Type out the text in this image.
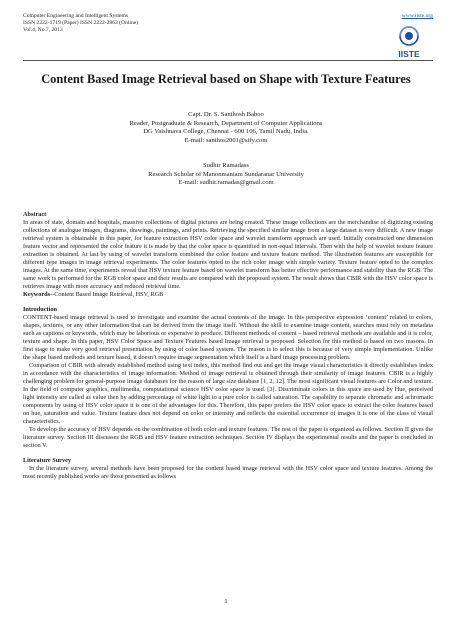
Computer Engineering and Intelligent Systems
ISSN 2222-1719 (Paper) ISSN 2222-2863 (Online)
Vol.4, No.7, 2013
www.iiste.org
IISTE
Content Based Image Retrieval based on Shape with Texture Features
Capt. Dr. S. Santhosh Baboo
Reader, Postgraduate & Research, Department of Computer Applications
DG Vaishnava College, Chennai - 600 106, Tamil Nadu, India.
E-mail: santhos2001@sify.com
Sudhir Ramadass
Research Scholar of Manonmaniam Sundaranar University
E-mail: sudhir.ramadas@gmail.com

Abstract

In areas of state, domain and hospitals, massive collections of digital pictures are being created. These image collections are the merchandise of digitizing existing collections of analogue images, diagrams, drawings, paintings, and prints. Retrieving the specified similar image from a large dataset is very difficult. A new image retrieval system is obtainable in this paper, for feature extraction HSV color space and wavelet transform approach are used. Initially constructed one dimension feature vector and represented the color feature it is made by that the color space is quantified in non-equal intervals. Then with the help of wavelet texture feature extraction is obtained. At last by using of wavelet transform combined the color feature and texture feature method. The illustration features are susceptible for different type images in image retrieval experiments. The color features opted to the rich color image with simple variety. Texture feature opted to the complex images. At the same time, experiments reveal that HSV texture feature based on wavelet transform has better effective performance and stability than the RGB. The same work is performed for the RGB color space and their results are compared with the proposed system. The result shows that CBIR with the HSV color space is retrieves image with more accuracy and reduced retrieval time.

Keywords--Content Based Image Retrieval, HSV, RGB

Introduction

CONTENT-based image retrieval is used to investigate and examine the actual contents of the image. In this perspective expression ‘content’ related to colors, shapes, textures, or any other information that can be derived from the image itself. Without the skill to examine image content, searches must rely on metadata such as captions or keywords, which may be laborious or expensive to produce. Different methods of content – based retrieval methods are available and it is color, texture and shape. In this paper, HSV Color Space and Texture Features based Image retrieval is proposed. Selection for this method is based on two reasons. In first stage to make very good retrieval presentation by using of color based system. The reason is to select this is because of very simple implementation. Unlike the shape based methods and texture based, it doesn’t require image segmentation which itself is a hard image processing problem.

Comparison of CBIR with already established method using text index, this method find out and get the image visual characteristics it directly establishes index in accordance with the characteristics of image information. Method of image retrieval is obtained through their similarity of image features. CBIR is a highly challenging problem for general-purpose image databases for the reason of large size database [1, 2, 12]. The most significant visual features are Color and texture. In the field of computer graphics, multimedia, computational science HSV color space is used. [3]. Discriminate colors in this space are used by Hue, perceived light intensity are called as value then by adding percentage of white light to a pure color is called saturation. The capability to separate chromatic and achromatic components by using of HSV color space it is one of the advantages for this. Therefore, this paper prefers the HSV color space to extract the color features based on hue, saturation and value. Texture feature does not depend on color or intensity and reflects the essential occurrence of images it is one of the class of visual characteristics.

To develop the accuracy of HSV depends on the combination of both color and texture features. The rest of the paper is organized as follows. Section II gives the literature survey. Section III discusses the RGB and HSV feature extraction techniques. Section IV displays the experimental results and the paper is concluded in section V.

Literature Survey

In the literature survey, several methods have been proposed for the content based image retrieval with the HSV color space and texture features. Among the most recently published works are those presented as follows

1
